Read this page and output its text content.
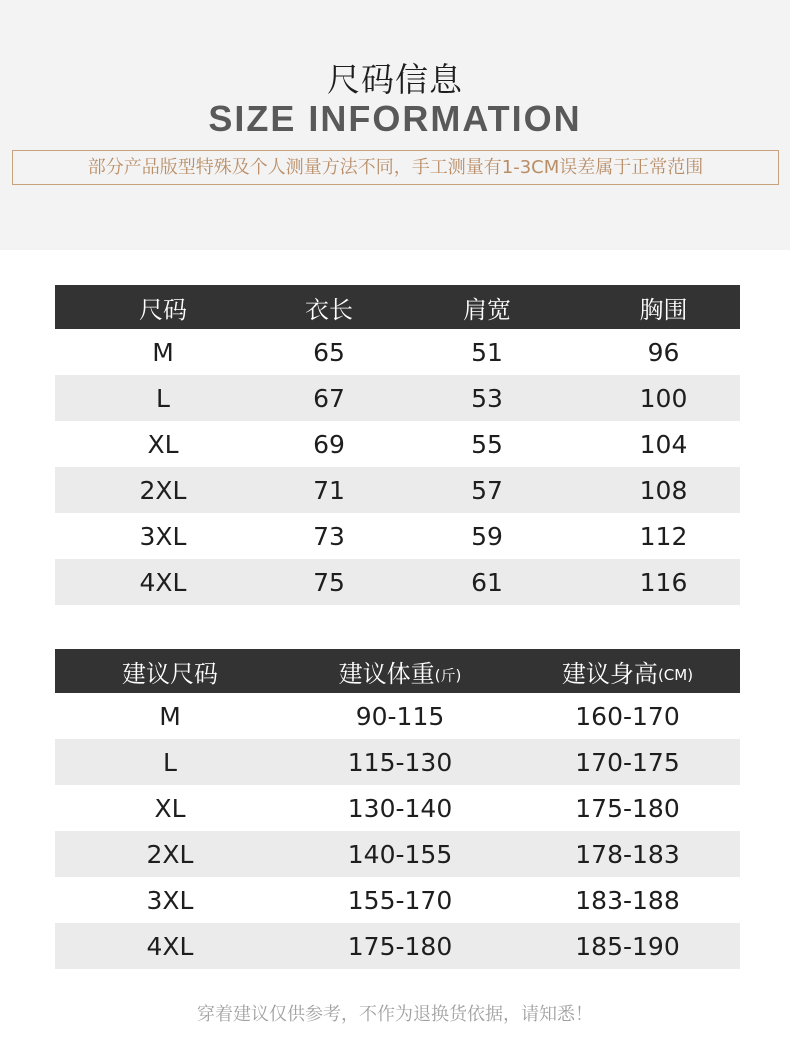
尺码信息
SIZE INFORMATION
部分产品版型特殊及个人测量方法不同，手工测量有1-3CM误差属于正常范围
尺码	衣长	肩宽	胸围
M	65	51	96
L	67	53	100
XL	69	55	104
2XL	71	57	108
3XL	73	59	112
4XL	75	61	116
建议尺码	建议体重(斤)	建议身高(CM)
M	90-115	160-170
L	115-130	170-175
XL	130-140	175-180
2XL	140-155	178-183
3XL	155-170	183-188
4XL	175-180	185-190
穿着建议仅供参考，不作为退换货依据，请知悉！
